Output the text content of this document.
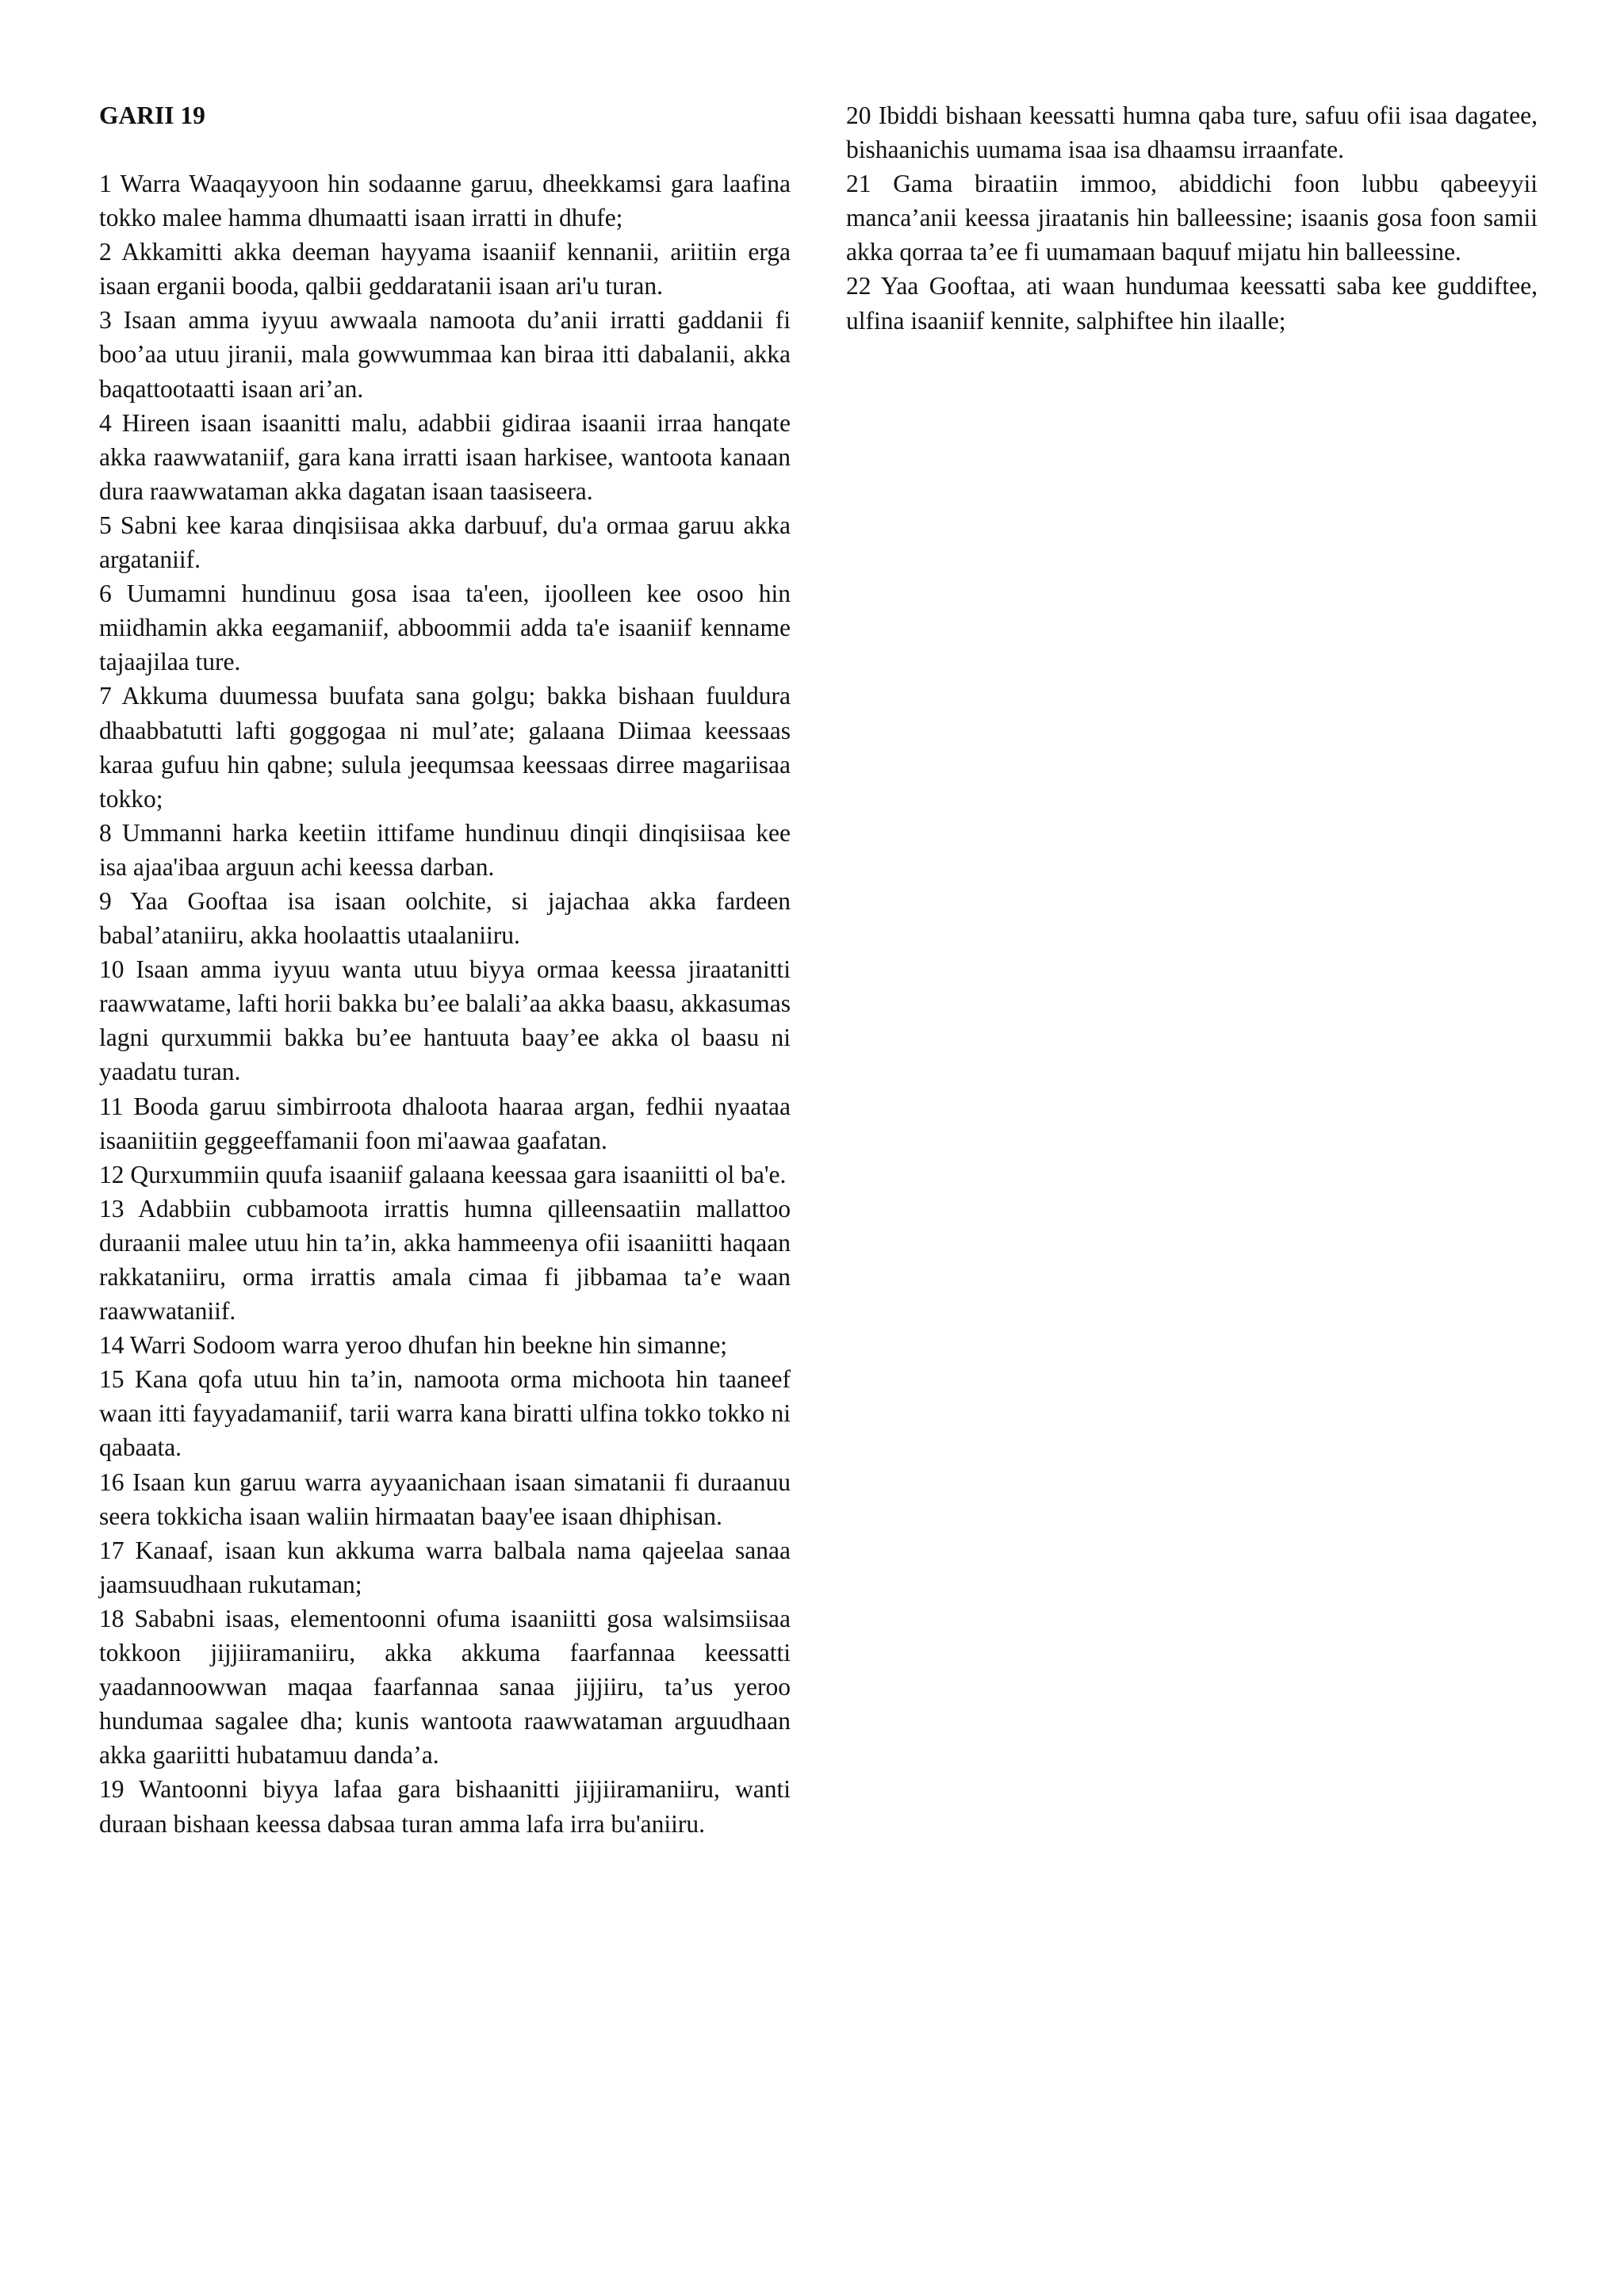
GARII 19

1 Warra Waaqayyoon hin sodaanne garuu, dheekkamsi gara laafina tokko malee hamma dhumaatti isaan irratti in dhufe;

2 Akkamitti akka deeman hayyama isaaniif kennanii, ariitiin erga isaan erganii booda, qalbii geddaratanii isaan ari'u turan.

3 Isaan amma iyyuu awwaala namoota du’anii irratti gaddanii fi boo’aa utuu jiranii, mala gowwummaa kan biraa itti dabalanii, akka baqattootaatti isaan ari’an.

4 Hireen isaan isaanitti malu, adabbii gidiraa isaanii irraa hanqate akka raawwataniif, gara kana irratti isaan harkisee, wantoota kanaan dura raawwataman akka dagatan isaan taasiseera.

5 Sabni kee karaa dinqisiisaa akka darbuuf, du'a ormaa garuu akka argataniif.

6 Uumamni hundinuu gosa isaa ta'een, ijoolleen kee osoo hin miidhamin akka eegamaniif, abboommii adda ta'e isaaniif kenname tajaajilaa ture.

7 Akkuma duumessa buufata sana golgu; bakka bishaan fuuldura dhaabbatutti lafti goggogaa ni mul’ate; galaana Diimaa keessaas karaa gufuu hin qabne; sulula jeequmsaa keessaas dirree magariisaa tokko;

8 Ummanni harka keetiin ittifame hundinuu dinqii dinqisiisaa kee isa ajaa'ibaa arguun achi keessa darban.

9 Yaa Gooftaa isa isaan oolchite, si jajachaa akka fardeen babal’ataniiru, akka hoolaattis utaalaniiru.

10 Isaan amma iyyuu wanta utuu biyya ormaa keessa jiraatanitti raawwatame, lafti horii bakka bu’ee balali’aa akka baasu, akkasumas lagni qurxummii bakka bu’ee hantuuta baay’ee akka ol baasu ni yaadatu turan.

11 Booda garuu simbirroota dhaloota haaraa argan, fedhii nyaataa isaaniitiin geggeeffamanii foon mi'aawaa gaafatan.

12 Qurxummiin quufa isaaniif galaana keessaa gara isaaniitti ol ba'e.

13 Adabbiin cubbamoota irrattis humna qilleensaatiin mallattoo duraanii malee utuu hin ta’in, akka hammeenya ofii isaaniitti haqaan rakkataniiru, orma irrattis amala cimaa fi jibbamaa ta’e waan raawwataniif.

14 Warri Sodoom warra yeroo dhufan hin beekne hin simanne;

15 Kana qofa utuu hin ta’in, namoota orma michoota hin taaneef waan itti fayyadamaniif, tarii warra kana biratti ulfina tokko tokko ni qabaata.

16 Isaan kun garuu warra ayyaanichaan isaan simatanii fi duraanuu seera tokkicha isaan waliin hirmaatan baay'ee isaan dhiphisan.

17 Kanaaf, isaan kun akkuma warra balbala nama qajeelaa sanaa jaamsuudhaan rukutaman;

18 Sababni isaas, elementoonni ofuma isaaniitti gosa walsimsiisaa tokkoon jijjiiramaniiru, akka akkuma faarfannaa keessatti yaadannoowwan maqaa faarfannaa sanaa jijjiiru, ta’us yeroo hundumaa sagalee dha; kunis wantoota raawwataman arguudhaan akka gaariitti hubatamuu danda’a.

19 Wantoonni biyya lafaa gara bishaanitti jijjiiramaniiru, wanti duraan bishaan keessa dabsaa turan amma lafa irra bu'aniiru.

20 Ibiddi bishaan keessatti humna qaba ture, safuu ofii isaa dagatee, bishaanichis uumama isaa isa dhaamsu irraanfate.

21 Gama biraatiin immoo, abiddichi foon lubbu qabeeyyii manca’anii keessa jiraatanis hin balleessine; isaanis gosa foon samii akka qorraa ta’ee fi uumamaan baquuf mijatu hin balleessine.

22 Yaa Gooftaa, ati waan hundumaa keessatti saba kee guddiftee, ulfina isaaniif kennite, salphiftee hin ilaalle;
